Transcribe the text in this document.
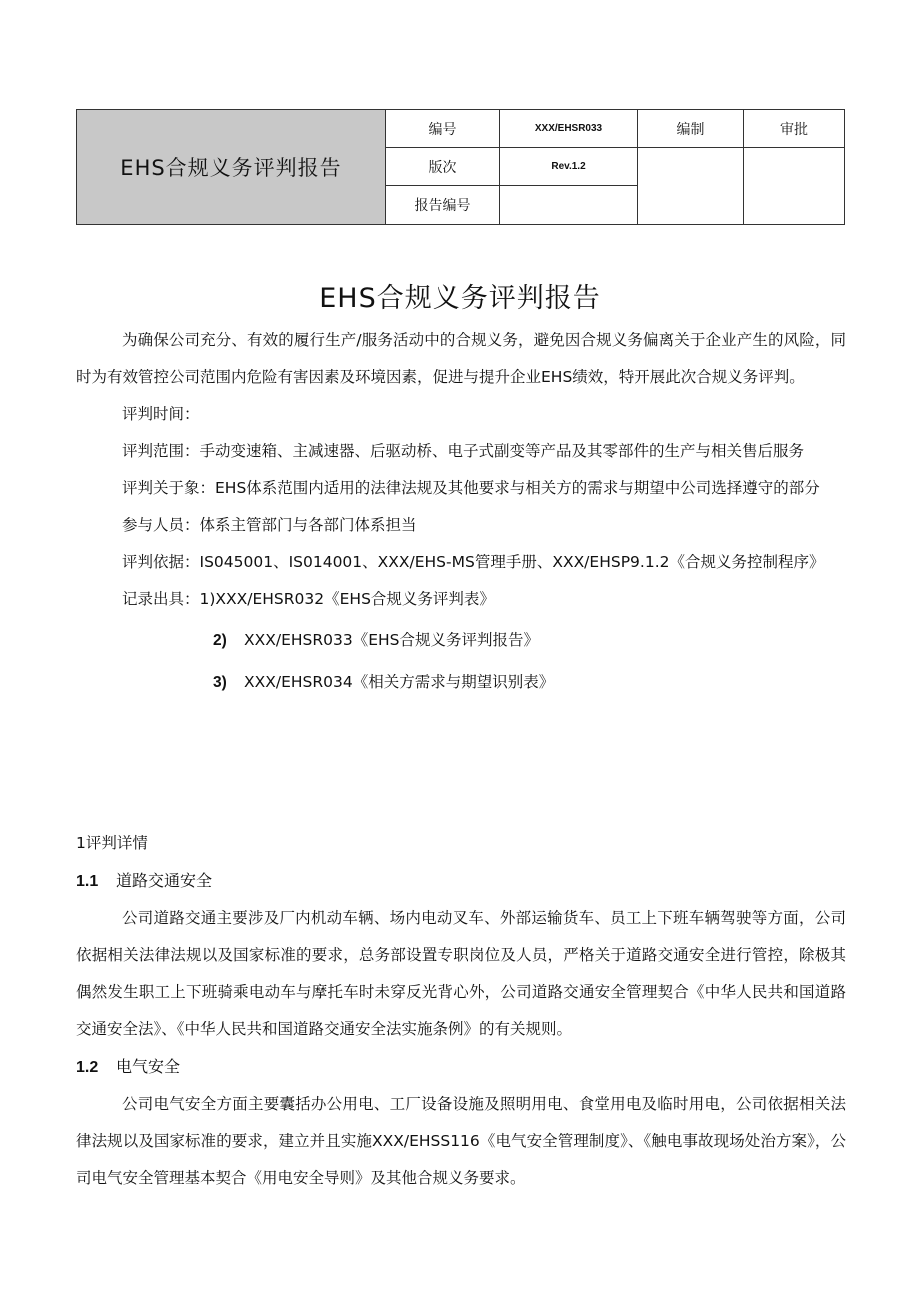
EHS合规义务评判报告	编号	XXX/EHSR033	编制	审批
	版次	Rev.1.2		
	报告编号			
EHS合规义务评判报告

为确保公司充分、有效的履行生产/服务活动中的合规义务，避免因合规义务偏离关于企业产生的风险，同时为有效管控公司范围内危险有害因素及环境因素，促进与提升企业EHS绩效，特开展此次合规义务评判。

评判时间：

评判范围：手动变速箱、主减速器、后驱动桥、电子式副变等产品及其零部件的生产与相关售后服务

评判关于象：EHS体系范围内适用的法律法规及其他要求与相关方的需求与期望中公司选择遵守的部分

参与人员：体系主管部门与各部门体系担当

评判依据：IS045001、IS014001、XXX/EHS-MS管理手册、XXX/EHSP9.1.2《合规义务控制程序》

记录出具：1)XXX/EHSR032《EHS合规义务评判表》

2) XXX/EHSR033《EHS合规义务评判报告》

3) XXX/EHSR034《相关方需求与期望识别表》

1评判详情

1.1 道路交通安全

公司道路交通主要涉及厂内机动车辆、场内电动叉车、外部运输货车、员工上下班车辆驾驶等方面，公司依据相关法律法规以及国家标准的要求，总务部设置专职岗位及人员，严格关于道路交通安全进行管控，除极其偶然发生职工上下班骑乘电动车与摩托车时未穿反光背心外，公司道路交通安全管理契合《中华人民共和国道路交通安全法》、《中华人民共和国道路交通安全法实施条例》的有关规则。

1.2 电气安全

公司电气安全方面主要囊括办公用电、工厂设备设施及照明用电、食堂用电及临时用电，公司依据相关法律法规以及国家标准的要求，建立并且实施XXX/EHSS116《电气安全管理制度》、《触电事故现场处治方案》，公司电气安全管理基本契合《用电安全导则》及其他合规义务要求。
